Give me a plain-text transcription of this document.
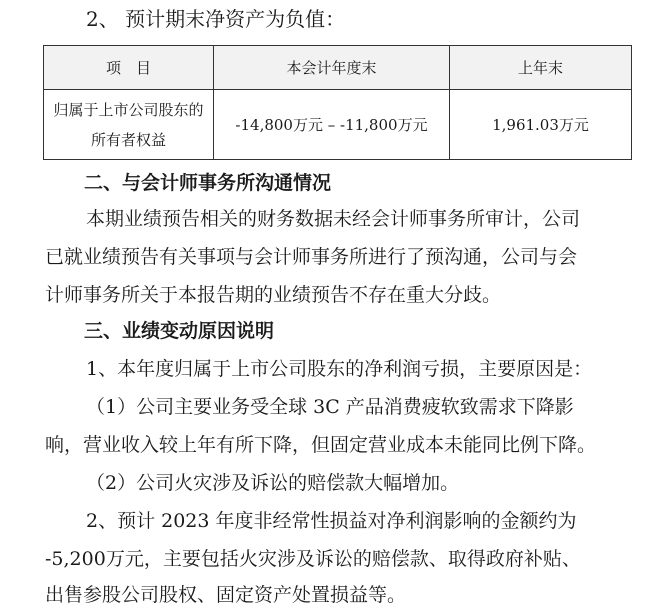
2、 预计期末净资产为负值：
项　目	本会计年度末	上年末

归属于上市公司股东的
所有者权益	-14,800万元 – -11,800万元	1,961.03万元
二、与会计师事务所沟通情况
本期业绩预告相关的财务数据未经会计师事务所审计，公司
已就业绩预告有关事项与会计师事务所进行了预沟通，公司与会
计师事务所关于本报告期的业绩预告不存在重大分歧。
三、业绩变动原因说明
1、本年度归属于上市公司股东的净利润亏损，主要原因是：
（1）公司主要业务受全球 3C 产品消费疲软致需求下降影
响，营业收入较上年有所下降，但固定营业成本未能同比例下降。
（2）公司火灾涉及诉讼的赔偿款大幅增加。
2、预计 2023 年度非经常性损益对净利润影响的金额约为
-5,200万元，主要包括火灾涉及诉讼的赔偿款、取得政府补贴、
出售参股公司股权、固定资产处置损益等。
